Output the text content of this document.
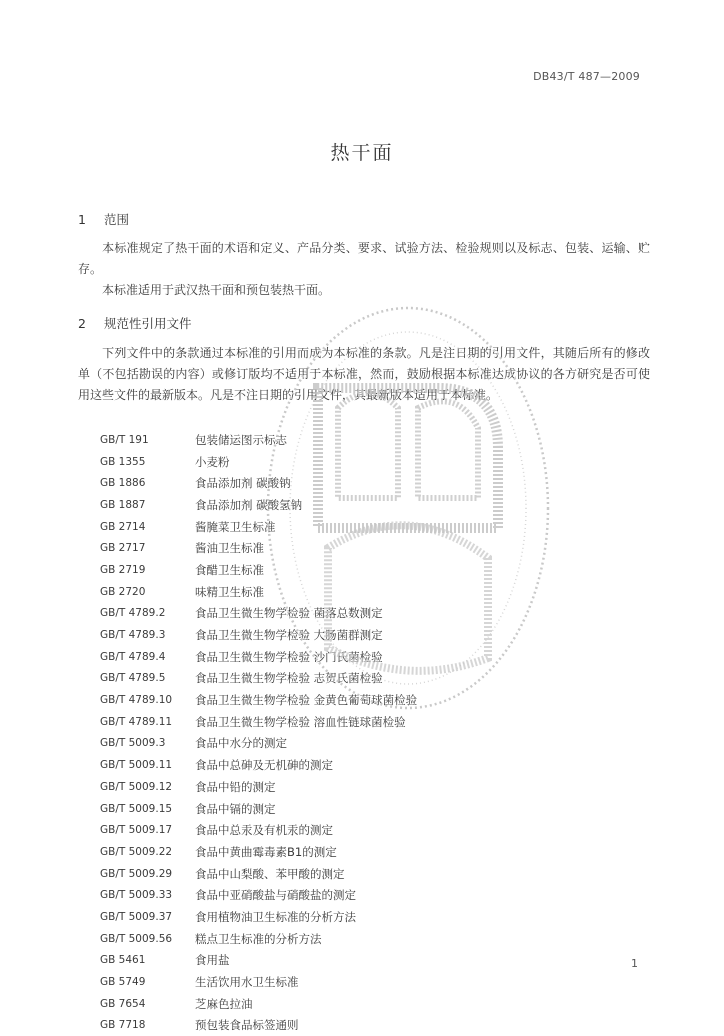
DB43/T 487—2009
热干面
1 范围
本标准规定了热干面的术语和定义、产品分类、要求、试验方法、检验规则以及标志、包装、运输、贮存。
本标准适用于武汉热干面和预包装热干面。
2 规范性引用文件
下列文件中的条款通过本标准的引用而成为本标准的条款。凡是注日期的引用文件，其随后所有的修改单（不包括勘误的内容）或修订版均不适用于本标准，然而，鼓励根据本标准达成协议的各方研究是否可使用这些文件的最新版本。凡是不注日期的引用文件，其最新版本适用于本标准。
GB/T 191	包装储运图示标志
GB 1355	小麦粉
GB 1886	食品添加剂 碳酸钠
GB 1887	食品添加剂 碳酸氢钠
GB 2714	酱腌菜卫生标准
GB 2717	酱油卫生标准
GB 2719	食醋卫生标准
GB 2720	味精卫生标准
GB/T 4789.2	食品卫生微生物学检验 菌落总数测定
GB/T 4789.3	食品卫生微生物学检验 大肠菌群测定
GB/T 4789.4	食品卫生微生物学检验 沙门氏菌检验
GB/T 4789.5	食品卫生微生物学检验 志贺氏菌检验
GB/T 4789.10	食品卫生微生物学检验 金黄色葡萄球菌检验
GB/T 4789.11	食品卫生微生物学检验 溶血性链球菌检验
GB/T 5009.3	食品中水分的测定
GB/T 5009.11	食品中总砷及无机砷的测定
GB/T 5009.12	食品中铅的测定
GB/T 5009.15	食品中镉的测定
GB/T 5009.17	食品中总汞及有机汞的测定
GB/T 5009.22	食品中黄曲霉毒素B1的测定
GB/T 5009.29	食品中山梨酸、苯甲酸的测定
GB/T 5009.33	食品中亚硝酸盐与硝酸盐的测定
GB/T 5009.37	食用植物油卫生标准的分析方法
GB/T 5009.56	糕点卫生标准的分析方法
GB 5461	食用盐
GB 5749	生活饮用水卫生标准
GB 7654	芝麻色拉油
GB 7718	预包装食品标签通则
1
